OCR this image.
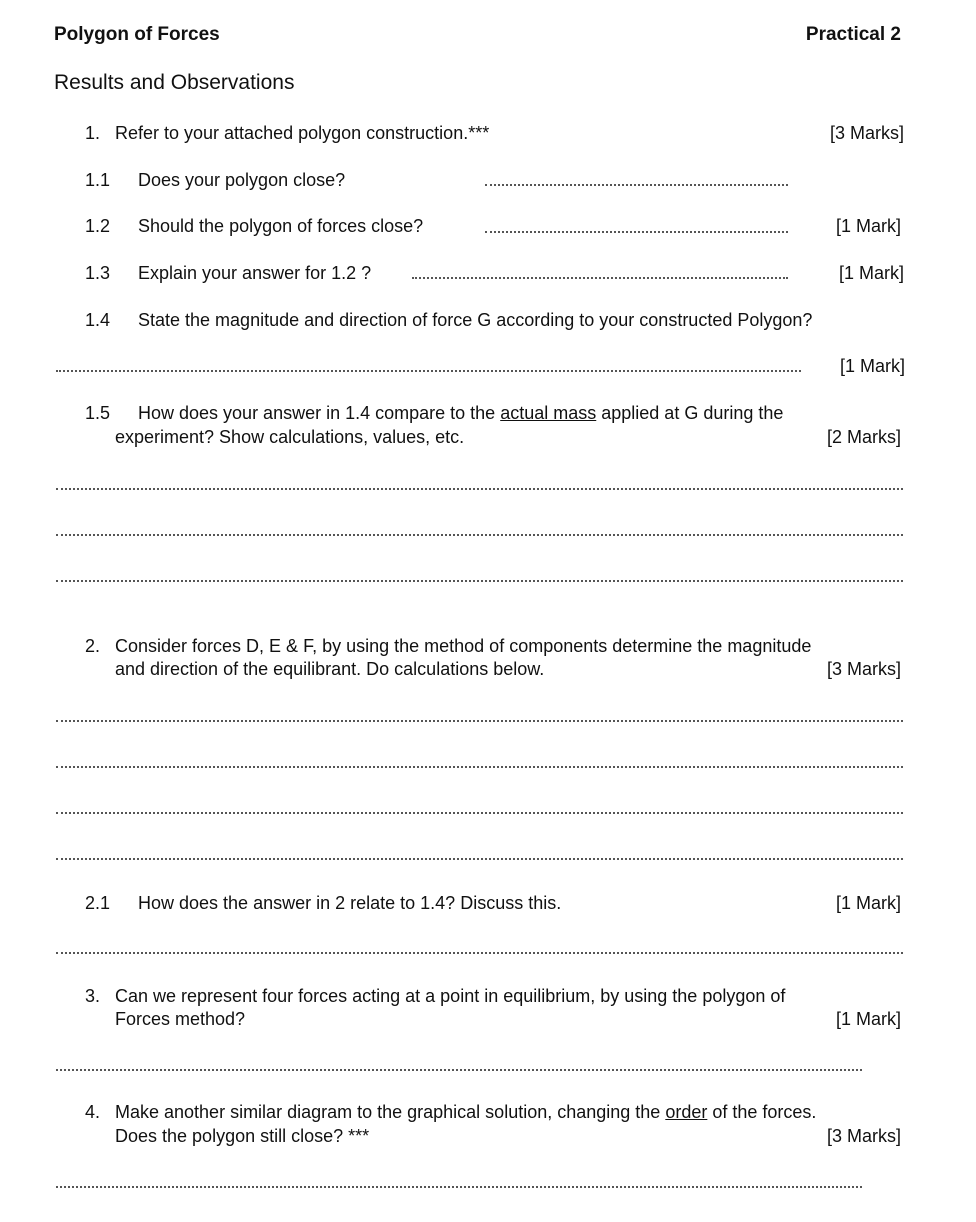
Polygon of Forces	Practical 2
Results and Observations
1. Refer to your attached polygon construction.***	[3 Marks]
1.1 Does your polygon close?
1.2 Should the polygon of forces close?	[1 Mark]
1.3 Explain your answer for 1.2 ?	[1 Mark]
1.4 State the magnitude and direction of force G according to your constructed Polygon?
[1 Mark]
1.5 How does your answer in 1.4 compare to the actual mass applied at G during the
experiment? Show calculations, values, etc.	[2 Marks]
2. Consider forces D, E & F, by using the method of components determine the magnitude
and direction of the equilibrant. Do calculations below.	[3 Marks]
2.1 How does the answer in 2 relate to 1.4? Discuss this.	[1 Mark]
3. Can we represent four forces acting at a point in equilibrium, by using the polygon of
Forces method?	[1 Mark]
4. Make another similar diagram to the graphical solution, changing the order of the forces.
Does the polygon still close? ***	[3 Marks]
